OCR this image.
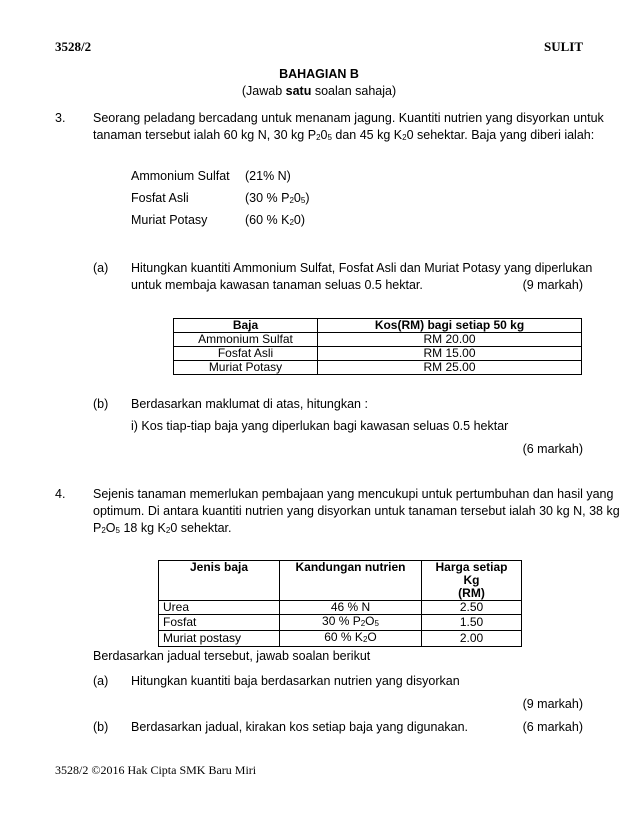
3528/2	SULIT
BAHAGIAN B
(Jawab satu soalan sahaja)
3. Seorang peladang bercadang untuk menanam jagung. Kuantiti nutrien yang disyorkan untuk
tanaman tersebut ialah 60 kg N, 30 kg $P_20_5$ dan 45 kg $K_20$ sehektar. Baja yang diberi ialah:
Ammonium Sulfat (21% N)
Fosfat Asli	(30 % $P_20_5$)
Muriat Potasy	(60 % $K_20$)
(a) Hitungkan kuantiti Ammonium Sulfat, Fosfat Asli dan Muriat Potasy yang diperlukan
untuk membaja kawasan tanaman seluas 0.5 hektar.	(9 markah)
Baja	Kos(RM) bagi setiap 50 kg
Ammonium Sulfat	RM 20.00
Fosfat Asli	RM 15.00
Muriat Potasy	RM 25.00
(b) Berdasarkan maklumat di atas, hitungkan :
i) Kos tiap-tiap baja yang diperlukan bagi kawasan seluas 0.5 hektar
(6 markah)
4. Sejenis tanaman memerlukan pembajaan yang mencukupi untuk pertumbuhan dan hasil yang
optimum. Di antara kuantiti nutrien yang disyorkan untuk tanaman tersebut ialah 30 kg N, 38 kg
$P_2O_5$ 18 kg $K_20$ sehektar.
Jenis baja	Kandungan nutrien	Harga setiap Kg
(RM)

Urea	46 % N	2.50
Fosfat	30 % $P_2O_5$	1.50
Muriat postasy	60 % $K_2O$	2.00
Berdasarkan jadual tersebut, jawab soalan berikut
(a) Hitungkan kuantiti baja berdasarkan nutrien yang disyorkan
(9 markah)
(b) Berdasarkan jadual, kirakan kos setiap baja yang digunakan.	(6 markah)
3528/2 ©2016 Hak Cipta SMK Baru Miri
